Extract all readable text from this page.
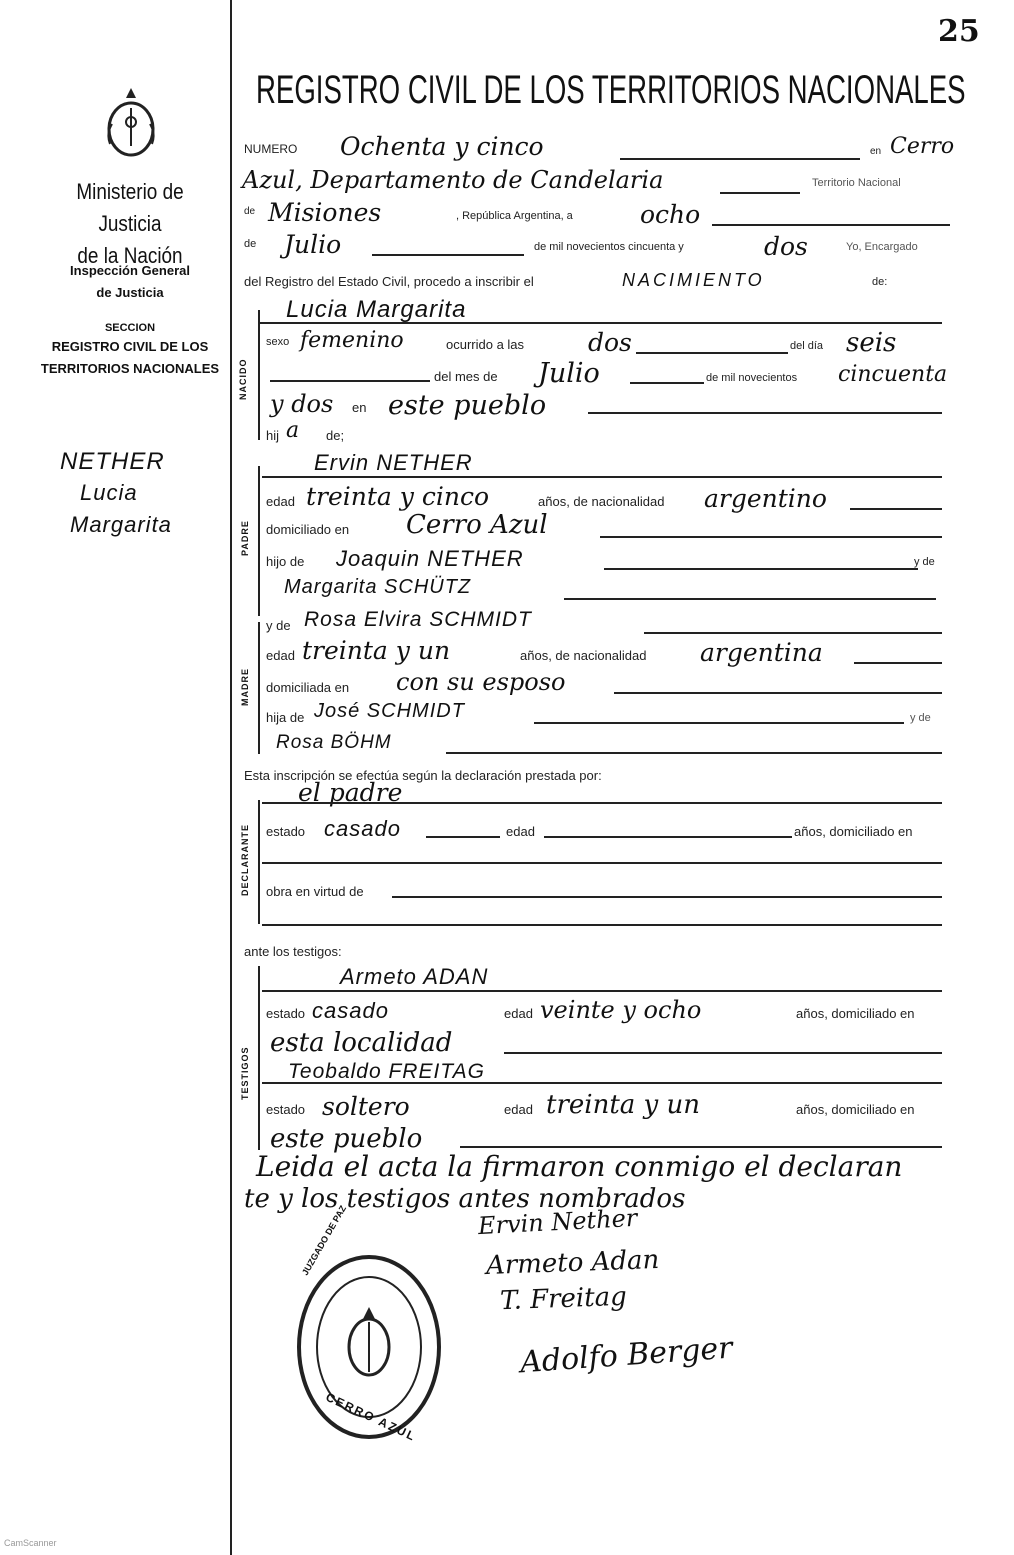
25
Ministerio de Justicia
de la Nación
Inspección General
de Justicia
SECCION
REGISTRO CIVIL DE LOS
TERRITORIOS NACIONALES
NETHER
Lucia
Margarita
REGISTRO CIVIL DE LOS TERRITORIOS NACIONALES
NUMERO Ochenta y cinco	en Cerro
Azul, Departamento de Candelaria	Territorio Nacional
de Misiones	, República Argentina, a	ocho
de Julio	de mil novecientos cincuenta y	dos	Yo, Encargado
del Registro del Estado Civil, procedo a inscribir el	NACIMIENTO	de:
Lucia Margarita
NACIDO
sexo femenino	ocurrido a las	dos	del día seis
del mes de Julio	de mil novecientos cincuenta
y dos en este pueblo
hij a de;
PADRE
Ervin NETHER
edad treinta y cinco	años, de nacionalidad argentino
domiciliado en Cerro Azul
hijo de Joaquin NETHER	y de
Margarita SCHÜTZ
MADRE
y de Rosa Elvira SCHMIDT
edad treinta y un	años, de nacionalidad argentina
domiciliada en con su esposo
hija de José SCHMIDT	y de
Rosa BÖHM
Esta inscripción se efectúa según la declaración prestada por:
DECLARANTE
el padre
estado casado	edad	años, domiciliado en
obra en virtud de
ante los testigos:
TESTIGOS
Armeto ADAN
estado casado	edad veinte y ocho	años, domiciliado en
esta localidad
Teobaldo FREITAG
estado soltero	edad treinta y un	años, domiciliado en
este pueblo
Leida el acta la firmaron conmigo el declaran
te y los testigos antes nombrados
Ervin Nether
Armeto Adan
T. Freitag
Adolfo Berger
JUZGADO DE PAZ
CERRO AZUL
CamScanner
